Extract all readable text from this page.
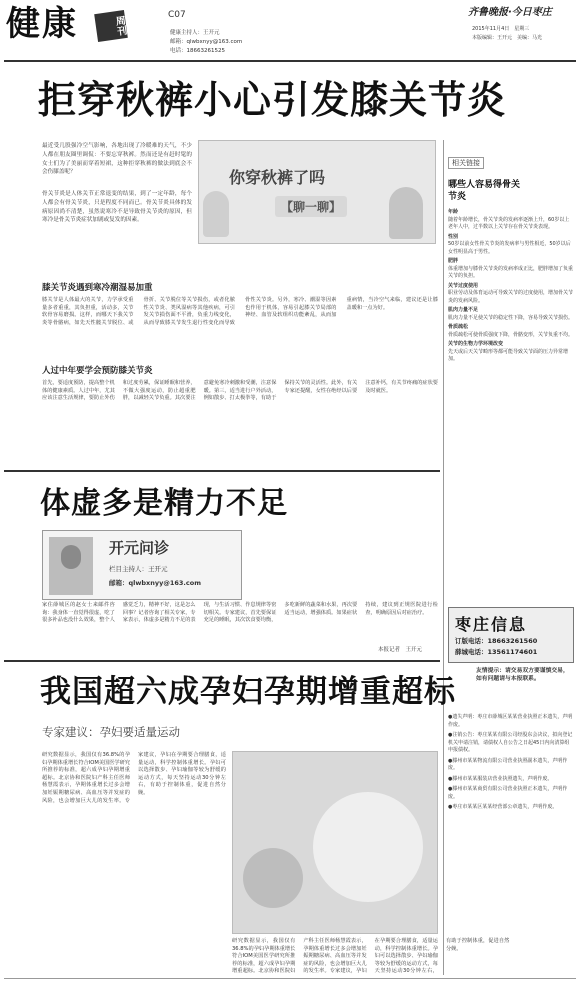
健康	周刊
C07
健康主持人：王开元
邮箱：qlwbxnyy@163.com
电话：18663261525
齐鲁晚报·今日枣庄
2015年11月4日　星期三
本版编辑：王开元　美编：马光
拒穿秋裤小心引发膝关节炎
最近受几股强冷空气影响，各地出现了冷暖难的天气，不少人都在朋友圈里调侃：不要忘穿秋裤。然而还是有赶时髦的女士们为了美丽而穿着短裙，这种拒穿秋裤的做法到底会不会伤膝盖呢？
骨关节炎是人体关节正常退变的结果，到了一定年龄，每个人都会有骨关节炎，只是程度不同而已。骨关节炎具体的发病原因尚不清楚，虽然说寒冷不是导致骨关节炎的原因，但寒冷是骨关节炎症状加剧或复发的因素。
你穿秋裤了吗
【聊一聊】
膝关节炎遇到寒冷潮湿易加重
膝关节是人体最大的关节，力学承受重量多者重重，其负担重，活动多，关节软骨容易磨损。这样，而哪天下我关节炎等骨骼病，如先天性髋关节脱位、或骨折、关节脱位等关节损伤，或者化脓性关节炎、类风湿病等其他疾病，可引发关节损伤面不平滑，负重力线变化，从而导致膝关节发生退行性变化而导致骨性关节炎。另外，寒冷、潮湿等因素也作用于机体，容易引起膝关节局部的神经、血管及软组织功能紊乱，从而加重病情，当冷空气来临，建议还是让膝盖暖和一点为好。
人过中年要学会预防膝关节炎
首先，要适度预防，提高整个机体的健康素质。人过中年，尤其应该注意生活规律，要防止外伤和过度劳累，保证睡眠和营养，不做大强度运动，防止超重肥胖，以减轻关节负重。其次要注意避免寒冷刺激和受潮，注意保暖。第三，适当进行户外活动，例如散步、打太极拳等，有助于保持关节的灵活性。此外，有关专家还提醒，女性在绝经以后要注意补钙，有关节疼痛的症状要及时就医。
体虚多是精力不足
开元问诊
栏目主持人：王开元
邮箱：qlwbxnyy@163.com
家住薛城区的赵女士来邮件咨询：我身体一直觉得很虚，吃了很多补品也没什么效果，整个人感觉乏力，精神不好，这是怎么回事？记者咨询了相关专家，专家表示，体虚多是精力不足的表现，与生活习惯、作息规律等密切相关。专家建议，首先要保证充足的睡眠，其次饮食要均衡，多吃新鲜的蔬菜和水果，再次要适当运动，增强体质。如果症状持续，建议到正规医院进行检查，明确原因后对症治疗。
本报记者　王开元
相关链接
哪些人容易得骨关节炎
年龄
随着年龄增长，骨关节炎的发病率逐渐上升，60岁以上老年人中，过半数以上关节存在骨关节炎表现。
性别
50岁以前女性骨关节炎的发病率与男性相近，50岁以后女性明显高于男性。
肥胖
体重增加与膝骨关节炎的发病率成正比，肥胖增加了负重关节的负担。
关节过度使用
职业劳动及体育运动可导致关节的过度使用，增加骨关节炎的发病风险。
肌肉力量不足
肌肉力量不足使关节的稳定性下降，容易导致关节损伤。
骨质疏松
骨质疏松可使骨质强度下降，骨骼变形，关节负重不均。
关节的生物力学环境改变
先天或后天关节畸形等都可能导致关节面的压力异常增加。
枣庄信息
订版电话：18663261560
薛城电话：13561174601
友情提示：请交易双方要谨慎交易，如有问题请与本报联系。
●遗失声明：枣庄市薛城区某某营业执照正本遗失，声明作废。
●注销公告：枣庄某某有限公司经股东会决议，拟向登记机关申请注销，请债权人自公告之日起45日内向清算组申报债权。
●滕州市某某物流有限公司营业执照副本遗失，声明作废。
●滕州市某某服装店营业执照遗失，声明作废。
●滕州市某某商贸有限公司营业执照正本遗失，声明作废。
●枣庄市某某区某某经营部公章遗失，声明作废。
我国超六成孕妇孕期增重超标
专家建议：孕妇要适量运动
研究数据显示，我国仅有36.8%的孕妇孕期体重增长符合IOM美国医学研究所推荐的标准，超六成孕妇孕期增重超标。北京协和医院妇产科主任医师杨慧霞表示，孕期体重增长过多会增加妊娠期糖尿病、高血压等并发症的风险，也会增加巨大儿的发生率。专家建议，孕妇在孕期要合理膳食，适量运动，科学控制体重增长。孕妇可以选择散步、孕妇瑜伽等较为舒缓的运动方式，每天坚持运动30分钟左右，有助于控制体重，促进自然分娩。
研究数据显示，我国仅有36.8%的孕妇孕期体重增长符合IOM美国医学研究所推荐的标准，超六成孕妇孕期增重超标。北京协和医院妇产科主任医师杨慧霞表示，孕期体重增长过多会增加妊娠期糖尿病、高血压等并发症的风险，也会增加巨大儿的发生率。专家建议，孕妇在孕期要合理膳食，适量运动，科学控制体重增长。孕妇可以选择散步、孕妇瑜伽等较为舒缓的运动方式，每天坚持运动30分钟左右，有助于控制体重，促进自然分娩。
